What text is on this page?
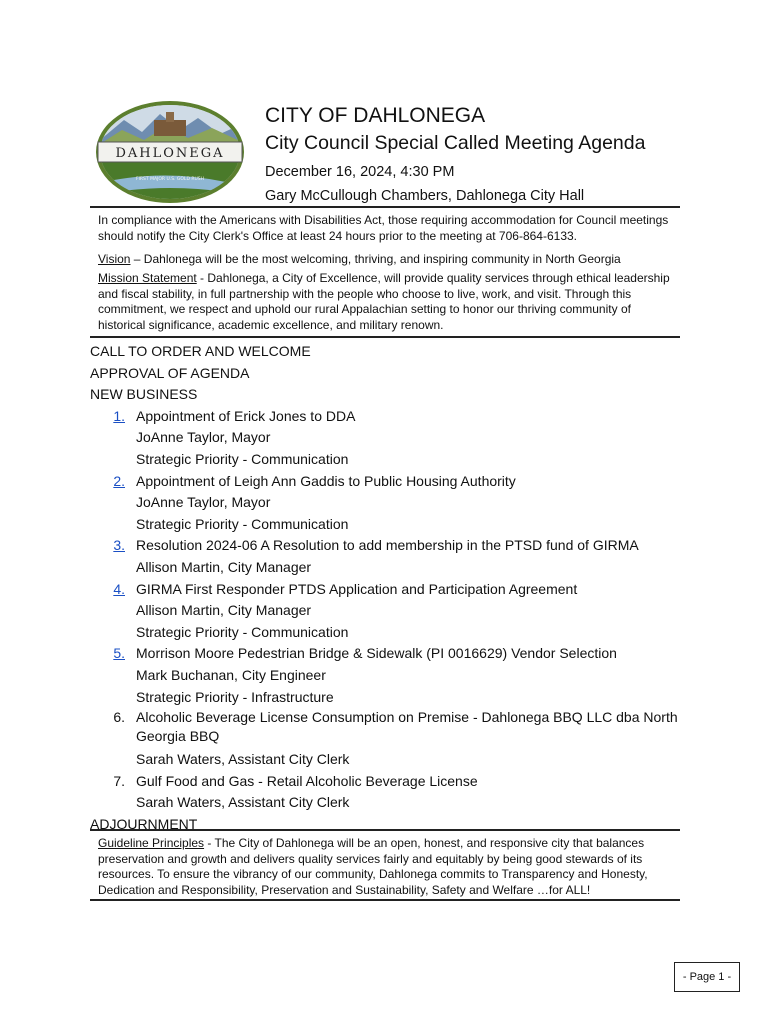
DAHLONEGA
FIRST MAJOR U.S. GOLD RUSH
CITY OF DAHLONEGA
City Council Special Called Meeting Agenda
December 16, 2024, 4:30 PM
Gary McCullough Chambers, Dahlonega City Hall
In compliance with the Americans with Disabilities Act, those requiring accommodation for Council meetings should notify the City Clerk's Office at least 24 hours prior to the meeting at 706-864-6133.
Vision – Dahlonega will be the most welcoming, thriving, and inspiring community in North Georgia
Mission Statement - Dahlonega, a City of Excellence, will provide quality services through ethical leadership and fiscal stability, in full partnership with the people who choose to live, work, and visit. Through this commitment, we respect and uphold our rural Appalachian setting to honor our thriving community of historical significance, academic excellence, and military renown.
CALL TO ORDER AND WELCOME
APPROVAL OF AGENDA
NEW BUSINESS
1. Appointment of Erick Jones to DDA
JoAnne Taylor, Mayor
Strategic Priority - Communication
2. Appointment of Leigh Ann Gaddis to Public Housing Authority
JoAnne Taylor, Mayor
Strategic Priority - Communication
3. Resolution 2024-06 A Resolution to add membership in the PTSD fund of GIRMA
Allison Martin, City Manager
4. GIRMA First Responder PTDS Application and Participation Agreement
Allison Martin, City Manager
Strategic Priority - Communication
5. Morrison Moore Pedestrian Bridge & Sidewalk (PI 0016629) Vendor Selection
Mark Buchanan, City Engineer
Strategic Priority - Infrastructure
6. Alcoholic Beverage License Consumption on Premise - Dahlonega BBQ LLC dba North Georgia BBQ
Sarah Waters, Assistant City Clerk
7. Gulf Food and Gas - Retail Alcoholic Beverage License
Sarah Waters, Assistant City Clerk
ADJOURNMENT
Guideline Principles - The City of Dahlonega will be an open, honest, and responsive city that balances preservation and growth and delivers quality services fairly and equitably by being good stewards of its resources. To ensure the vibrancy of our community, Dahlonega commits to Transparency and Honesty, Dedication and Responsibility, Preservation and Sustainability, Safety and Welfare …for ALL!
- Page 1 -
